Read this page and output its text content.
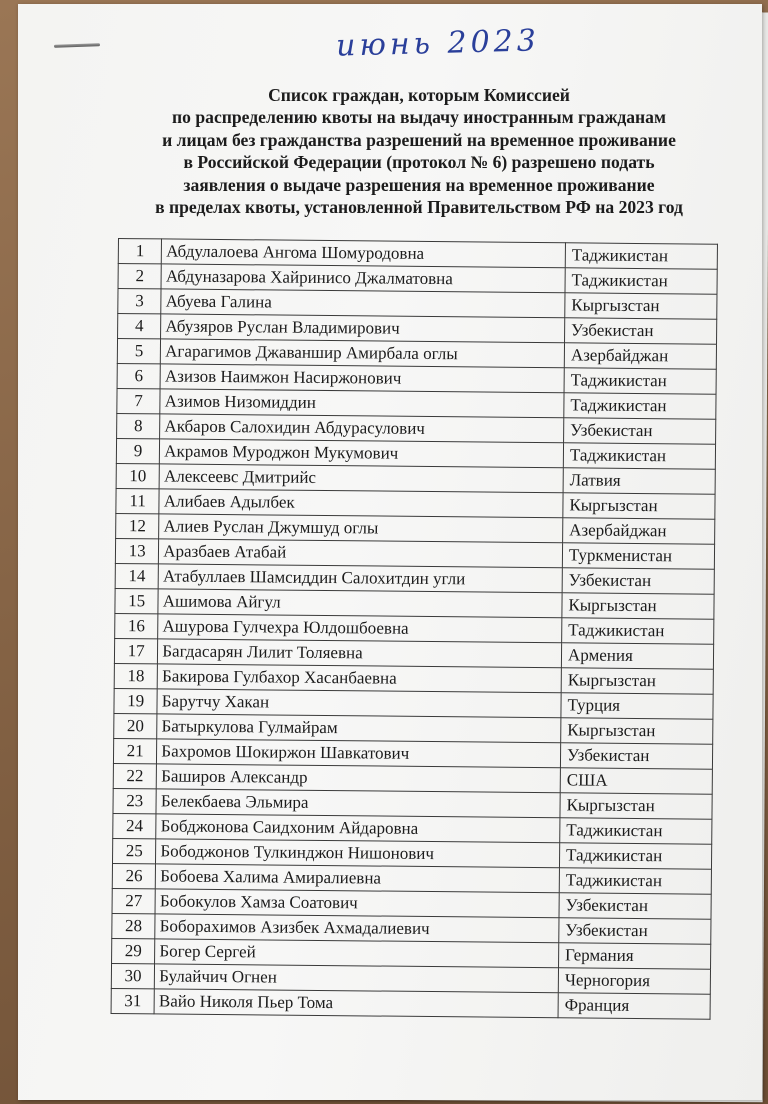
июнь 2023
Список граждан, которым Комиссией
по распределению квоты на выдачу иностранным гражданам
и лицам без гражданства разрешений на временное проживание
в Российской Федерации (протокол № 6) разрешено подать
заявления о выдаче разрешения на временное проживание
в пределах квоты, установленной Правительством РФ на 2023 год
1	Абдулалоева Ангома Шомуродовна	Таджикистан
2	Абдуназарова Хайринисо Джалматовна	Таджикистан
3	Абуева Галина	Кыргызстан
4	Абузяров Руслан Владимирович	Узбекистан
5	Агарагимов Джаваншир Амирбала оглы	Азербайджан
6	Азизов Наимжон Насиржонович	Таджикистан
7	Азимов Низомиддин	Таджикистан
8	Акбаров Салохидин Абдурасулович	Узбекистан
9	Акрамов Муроджон Мукумович	Таджикистан
10	Алексеевс Дмитрийс	Латвия
11	Алибаев Адылбек	Кыргызстан
12	Алиев Руслан Джумшуд оглы	Азербайджан
13	Аразбаев Атабай	Туркменистан
14	Атабуллаев Шамсиддин Салохитдин угли	Узбекистан
15	Ашимова Айгул	Кыргызстан
16	Ашурова Гулчехра Юлдошбоевна	Таджикистан
17	Багдасарян Лилит Толяевна	Армения
18	Бакирова Гулбахор Хасанбаевна	Кыргызстан
19	Барутчу Хакан	Турция
20	Батыркулова Гулмайрам	Кыргызстан
21	Бахромов Шокиржон Шавкатович	Узбекистан
22	Баширов Александр	США
23	Белекбаева Эльмира	Кыргызстан
24	Бобджонова Саидхоним Айдаровна	Таджикистан
25	Бободжонов Тулкинджон Нишонович	Таджикистан
26	Бобоева Халима Амиралиевна	Таджикистан
27	Бобокулов Хамза Соатович	Узбекистан
28	Боборахимов Азизбек Ахмадалиевич	Узбекистан
29	Богер Сергей	Германия
30	Булайчич Огнен	Черногория
31	Вайо Николя Пьер Тома	Франция
